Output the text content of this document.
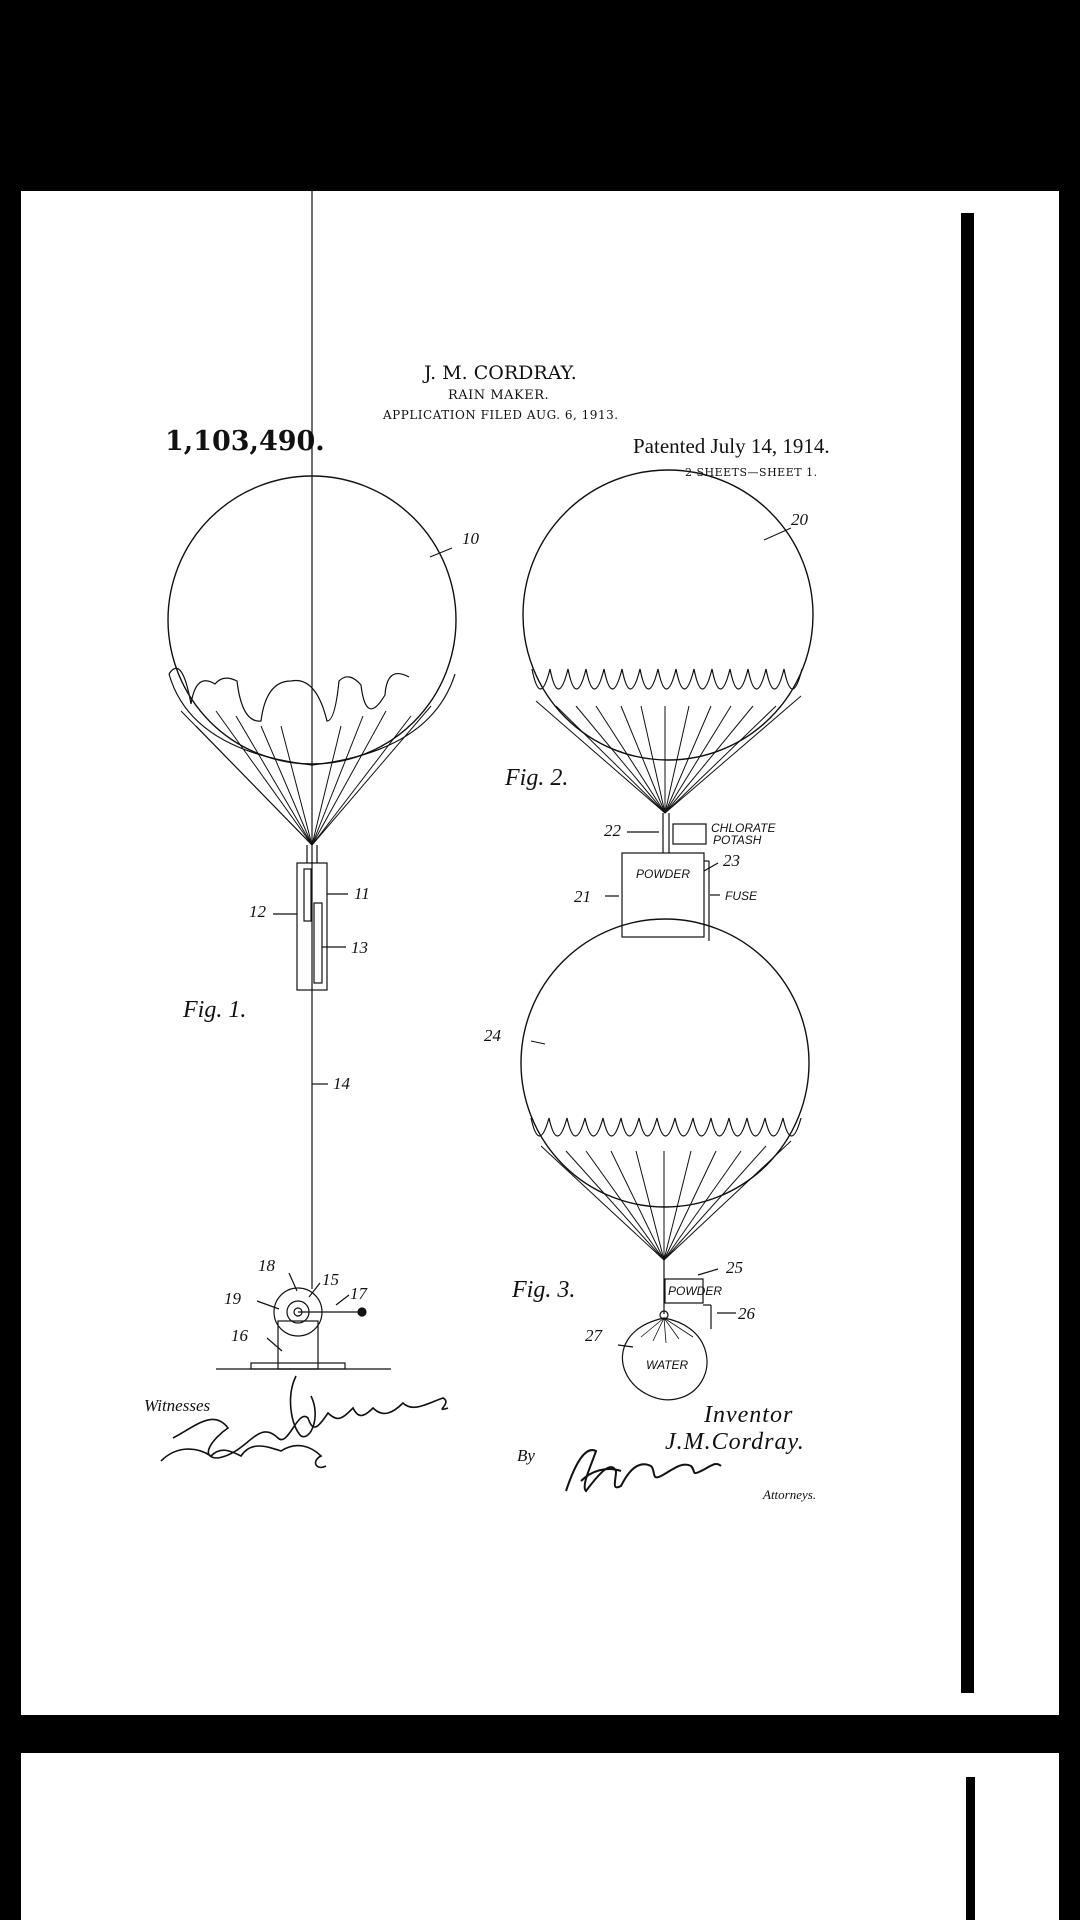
J. M. CORDRAY.
RAIN MAKER.
APPLICATION FILED AUG. 6, 1913.
1,103,490.	Patented July 14, 1914.
2 SHEETS—SHEET 1.
10
11
12
13
14
Fig. 1.
18
15
17
19
16
20
Fig. 2.
22
23
21
CHLORATE
POTASH
POWDER
FUSE
24
Fig. 3.
25
26
27
POWDER
WATER
Witnesses	Inventor
J.M.Cordray.
By
Attorneys.
